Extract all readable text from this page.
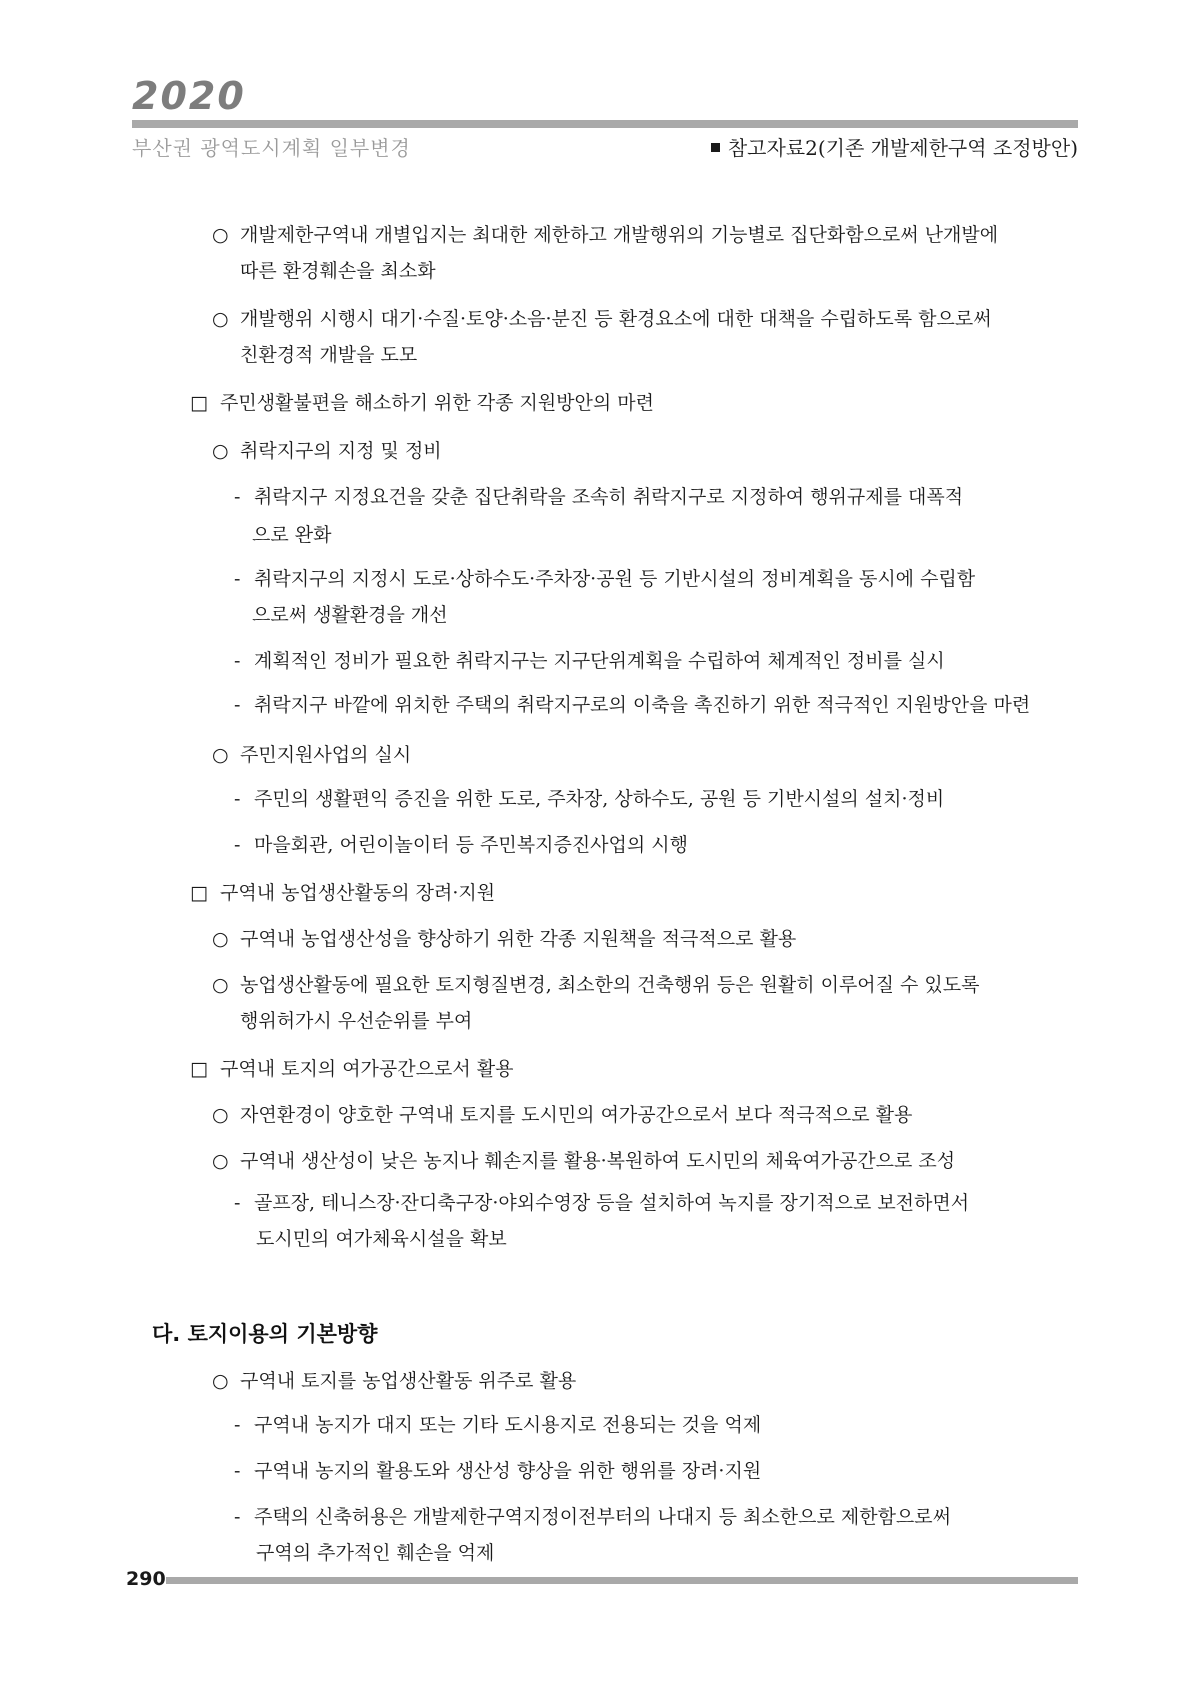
2020
부산권 광역도시계획 일부변경	참고자료2(기존 개발제한구역 조정방안)
○ 개발제한구역내 개별입지는 최대한 제한하고 개발행위의 기능별로 집단화함으로써 난개발에
따른 환경훼손을 최소화
○ 개발행위 시행시 대기·수질·토양·소음·분진 등 환경요소에 대한 대책을 수립하도록 함으로써
친환경적 개발을 도모
□ 주민생활불편을 해소하기 위한 각종 지원방안의 마련
○ 취락지구의 지정 및 정비
- 취락지구 지정요건을 갖춘 집단취락을 조속히 취락지구로 지정하여 행위규제를 대폭적
으로 완화
- 취락지구의 지정시 도로·상하수도·주차장·공원 등 기반시설의 정비계획을 동시에 수립함
으로써 생활환경을 개선
- 계획적인 정비가 필요한 취락지구는 지구단위계획을 수립하여 체계적인 정비를 실시
- 취락지구 바깥에 위치한 주택의 취락지구로의 이축을 촉진하기 위한 적극적인 지원방안을 마련
○ 주민지원사업의 실시
- 주민의 생활편익 증진을 위한 도로, 주차장, 상하수도, 공원 등 기반시설의 설치·정비
- 마을회관, 어린이놀이터 등 주민복지증진사업의 시행
□ 구역내 농업생산활동의 장려·지원
○ 구역내 농업생산성을 향상하기 위한 각종 지원책을 적극적으로 활용
○ 농업생산활동에 필요한 토지형질변경, 최소한의 건축행위 등은 원활히 이루어질 수 있도록
행위허가시 우선순위를 부여
□ 구역내 토지의 여가공간으로서 활용
○ 자연환경이 양호한 구역내 토지를 도시민의 여가공간으로서 보다 적극적으로 활용
○ 구역내 생산성이 낮은 농지나 훼손지를 활용·복원하여 도시민의 체육여가공간으로 조성
- 골프장, 테니스장·잔디축구장·야외수영장 등을 설치하여 녹지를 장기적으로 보전하면서
도시민의 여가체육시설을 확보
다. 토지이용의 기본방향
○ 구역내 토지를 농업생산활동 위주로 활용
- 구역내 농지가 대지 또는 기타 도시용지로 전용되는 것을 억제
- 구역내 농지의 활용도와 생산성 향상을 위한 행위를 장려·지원
- 주택의 신축허용은 개발제한구역지정이전부터의 나대지 등 최소한으로 제한함으로써
구역의 추가적인 훼손을 억제
290
